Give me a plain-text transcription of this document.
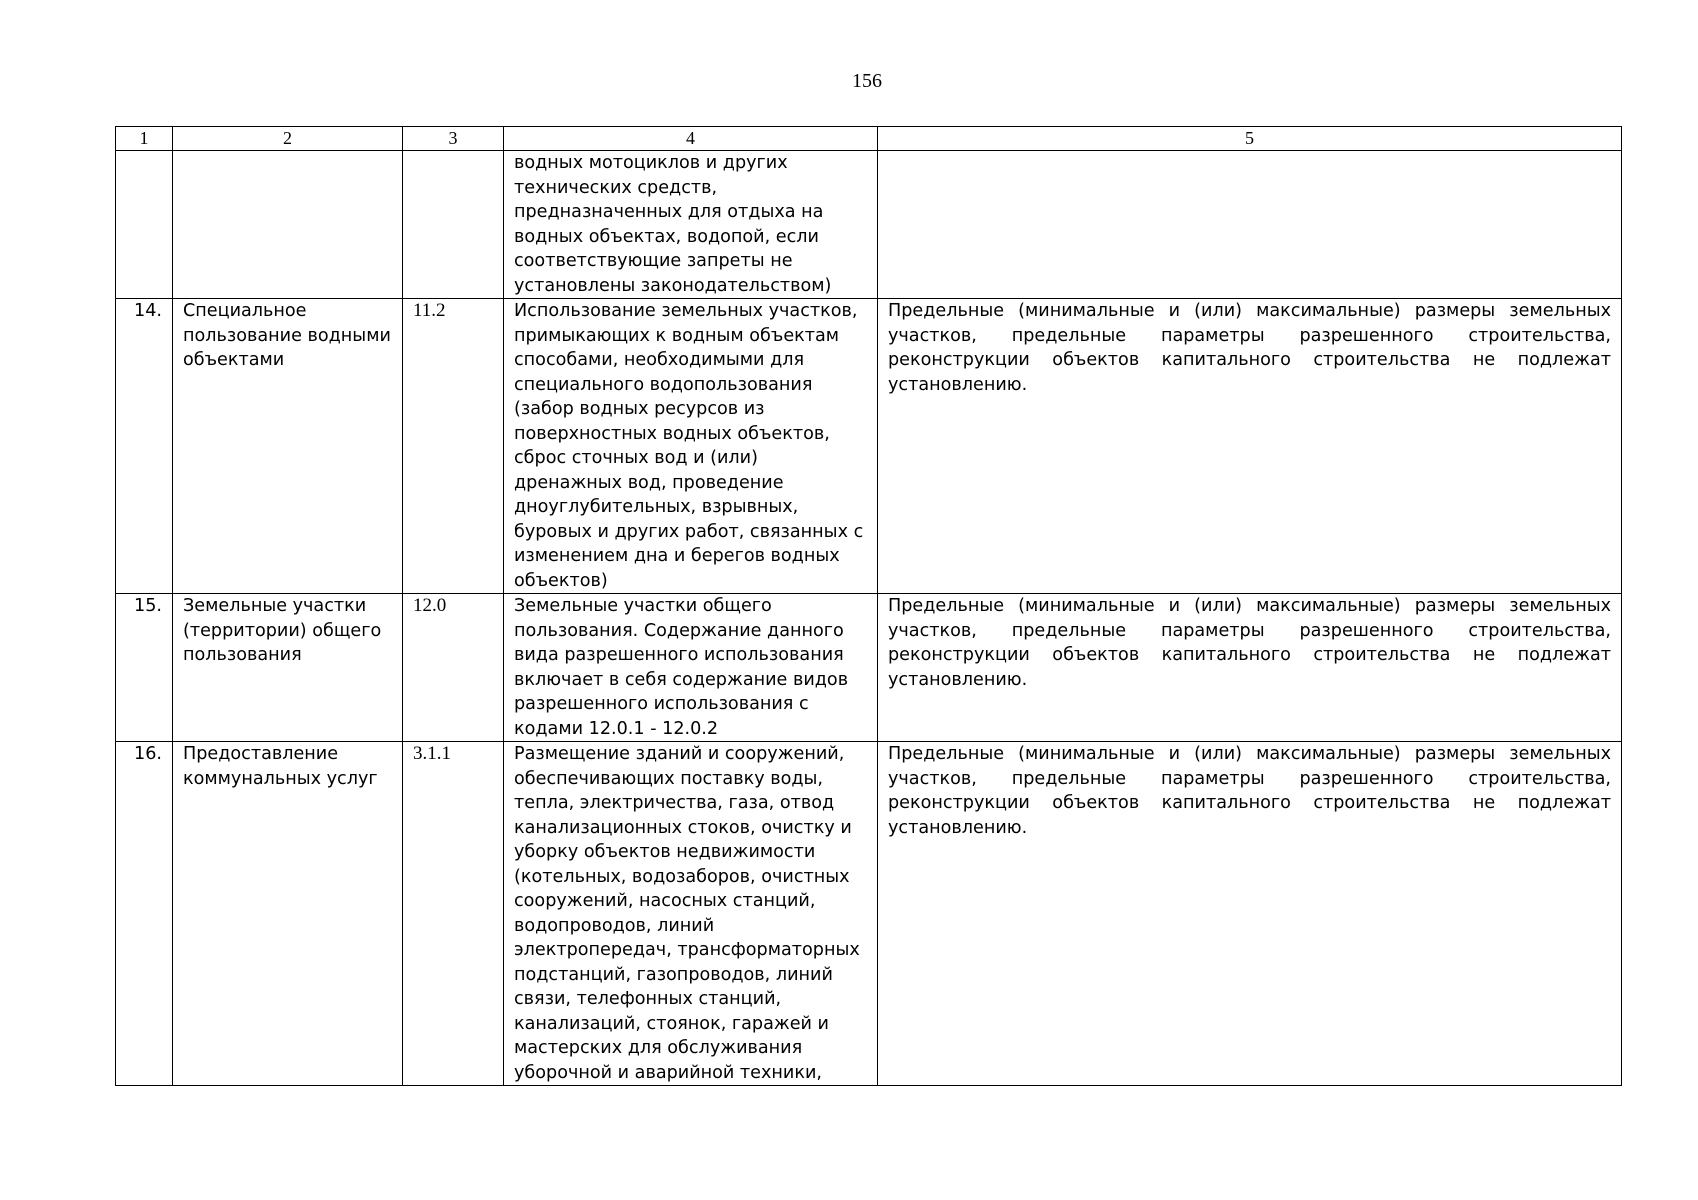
156
1	2	3	4	5
			водных мотоциклов и других технических средств, предназначенных для отдыха на водных объектах, водопой, если соответствующие запреты не установлены законодательством)	
14.	Специальное пользование водными объектами	11.2	Использование земельных участков, примыкающих к водным объектам способами, необходимыми для специального водопользования (забор водных ресурсов из поверхностных водных объектов, сброс сточных вод и (или) дренажных вод, проведение дноуглубительных, взрывных, буровых и других работ, связанных с изменением дна и берегов водных объектов)	Предельные (минимальные и (или) максимальные) размеры земельных участков, предельные параметры разрешенного строительства, реконструкции объектов капитального строительства не подлежат установлению.
15.	Земельные участки (территории) общего пользования	12.0	Земельные участки общего пользования. Содержание данного вида разрешенного использования включает в себя содержание видов разрешенного использования с кодами 12.0.1 - 12.0.2	Предельные (минимальные и (или) максимальные) размеры земельных участков, предельные параметры разрешенного строительства, реконструкции объектов капитального строительства не подлежат установлению.
16.	Предоставление коммунальных услуг	3.1.1	Размещение зданий и сооружений, обеспечивающих поставку воды, тепла, электричества, газа, отвод канализационных стоков, очистку и уборку объектов недвижимости (котельных, водозаборов, очистных сооружений, насосных станций, водопроводов, линий электропередач, трансформаторных подстанций, газопроводов, линий связи, телефонных станций, канализаций, стоянок, гаражей и мастерских для обслуживания уборочной и аварийной техники,	Предельные (минимальные и (или) максимальные) размеры земельных участков, предельные параметры разрешенного строительства, реконструкции объектов капитального строительства не подлежат установлению.
